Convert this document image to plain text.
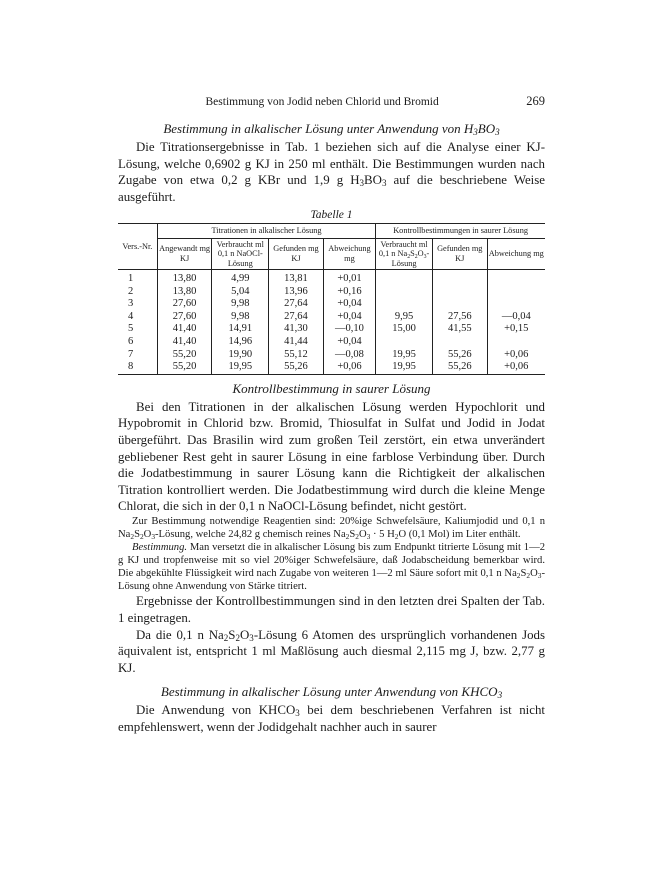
Bestimmung von Jodid neben Chlorid und Bromid	269
Bestimmung in alkalischer Lösung unter Anwendung von $H_3BO_3$

Die Titrationsergebnisse in Tab. 1 beziehen sich auf die Analyse einer KJ-Lösung, welche 0,6902 g KJ in 250 ml enthält. Die Bestimmungen wurden nach Zugabe von etwa 0,2 g KBr und 1,9 g $H_3BO_3$ auf die beschriebene Weise ausgeführt.

Tabelle 1
Vers.-Nr.	Titrationen in alkalischer Lösung				Kontrollbestimmungen in saurer Lösung		
	Angewandt mg KJ	Verbraucht ml 0,1 n NaOCl-Lösung	Gefunden mg KJ	Abweichung mg	Verbraucht ml 0,1 n $Na_2S_2O_3$-Lösung	Gefunden mg KJ	Abweichung mg
1	13,80	4,99	13,81	+0,01			
2	13,80	5,04	13,96	+0,16			
3	27,60	9,98	27,64	+0,04			
4	27,60	9,98	27,64	+0,04	9,95	27,56	—0,04
5	41,40	14,91	41,30	—0,10	15,00	41,55	+0,15
6	41,40	14,96	41,44	+0,04			
7	55,20	19,90	55,12	—0,08	19,95	55,26	+0,06
8	55,20	19,95	55,26	+0,06	19,95	55,26	+0,06
Kontrollbestimmung in saurer Lösung

Bei den Titrationen in der alkalischen Lösung werden Hypochlorit und Hypobromit in Chlorid bzw. Bromid, Thiosulfat in Sulfat und Jodid in Jodat übergeführt. Das Brasilin wird zum großen Teil zerstört, ein etwa unverändert gebliebener Rest geht in saurer Lösung in eine farblose Verbindung über. Durch die Jodatbestimmung in saurer Lösung kann die Richtigkeit der alkalischen Titration kontrolliert werden. Die Jodatbestimmung wird durch die kleine Menge Chlorat, die sich in der 0,1 n NaOCl-Lösung befindet, nicht gestört.

Zur Bestimmung notwendige Reagentien sind: 20%ige Schwefelsäure, Kaliumjodid und 0,1 n $Na_2S_2O_3$-Lösung, welche 24,82 g chemisch reines $Na_2S_2O_3 \cdot 5$ $H_2O$ (0,1 Mol) im Liter enthält.

Bestimmung. Man versetzt die in alkalischer Lösung bis zum Endpunkt titrierte Lösung mit 1—2 g KJ und tropfenweise mit so viel 20%iger Schwefelsäure, daß Jodabscheidung bemerkbar wird. Die abgekühlte Flüssigkeit wird nach Zugabe von weiteren 1—2 ml Säure sofort mit 0,1 n $Na_2S_2O_3$-Lösung ohne Anwendung von Stärke titriert.

Ergebnisse der Kontrollbestimmungen sind in den letzten drei Spalten der Tab. 1 eingetragen.

Da die 0,1 n $Na_2S_2O_3$-Lösung 6 Atomen des ursprünglich vorhandenen Jods äquivalent ist, entspricht 1 ml Maßlösung auch diesmal 2,115 mg J, bzw. 2,77 g KJ.

Bestimmung in alkalischer Lösung unter Anwendung von $KHCO_3$

Die Anwendung von $KHCO_3$ bei dem beschriebenen Verfahren ist nicht empfehlenswert, wenn der Jodidgehalt nachher auch in saurer
